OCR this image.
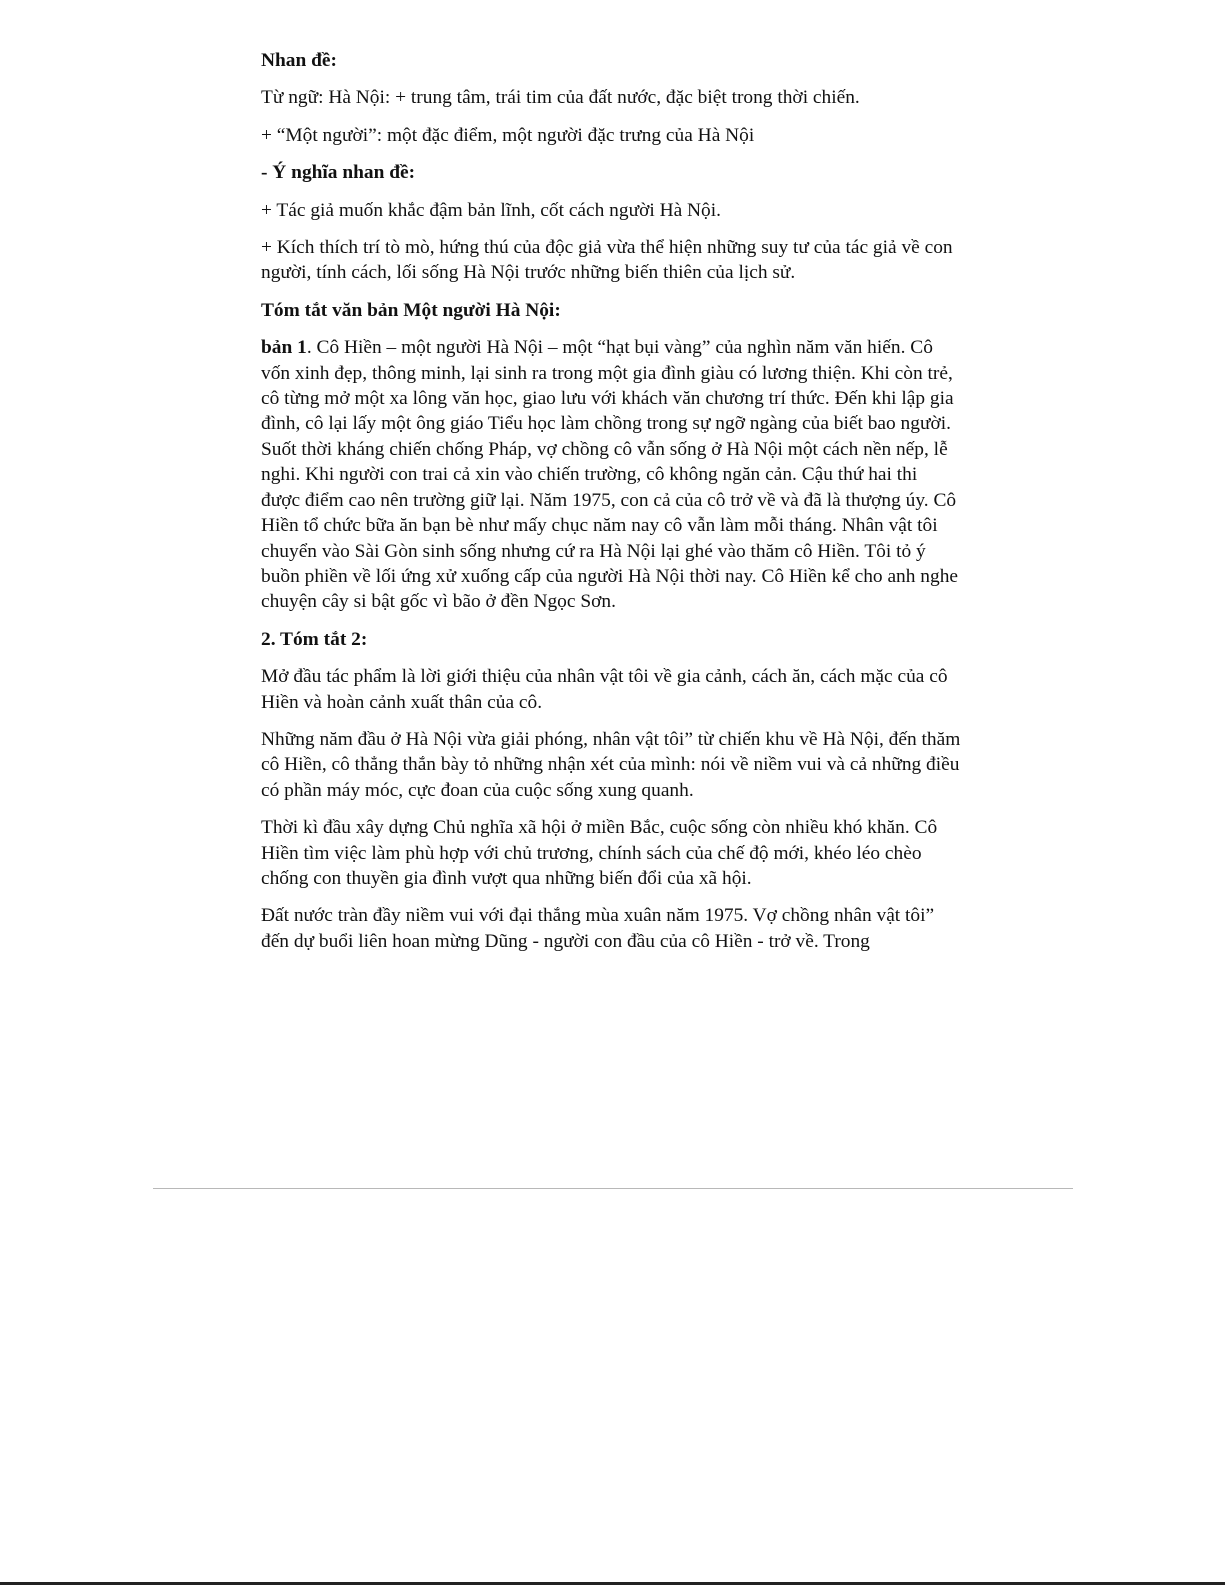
Nhan đề:

Từ ngữ: Hà Nội: + trung tâm, trái tim của đất nước, đặc biệt trong thời chiến.

+ “Một người”: một đặc điểm, một người đặc trưng của Hà Nội

- Ý nghĩa nhan đề:

+ Tác giả muốn khắc đậm bản lĩnh, cốt cách người Hà Nội.

+ Kích thích trí tò mò, hứng thú của độc giả vừa thể hiện những suy tư của tác giả về con người, tính cách, lối sống Hà Nội trước những biến thiên của lịch sử.

Tóm tắt văn bản Một người Hà Nội:

bản 1. Cô Hiền – một người Hà Nội – một “hạt bụi vàng” của nghìn năm văn hiến. Cô vốn xinh đẹp, thông minh, lại sinh ra trong một gia đình giàu có lương thiện. Khi còn trẻ, cô từng mở một xa lông văn học, giao lưu với khách văn chương trí thức. Đến khi lập gia đình, cô lại lấy một ông giáo Tiểu học làm chồng trong sự ngỡ ngàng của biết bao người. Suốt thời kháng chiến chống Pháp, vợ chồng cô vẫn sống ở Hà Nội một cách nền nếp, lễ nghi. Khi người con trai cả xin vào chiến trường, cô không ngăn cản. Cậu thứ hai thi được điểm cao nên trường giữ lại. Năm 1975, con cả của cô trở về và đã là thượng úy. Cô Hiền tổ chức bữa ăn bạn bè như mấy chục năm nay cô vẫn làm mỗi tháng. Nhân vật tôi chuyển vào Sài Gòn sinh sống nhưng cứ ra Hà Nội lại ghé vào thăm cô Hiền. Tôi tỏ ý buồn phiền về lối ứng xử xuống cấp của người Hà Nội thời nay. Cô Hiền kể cho anh nghe chuyện cây si bật gốc vì bão ở đền Ngọc Sơn.

2. Tóm tắt 2:

Mở đầu tác phẩm là lời giới thiệu của nhân vật tôi về gia cảnh, cách ăn, cách mặc của cô Hiền và hoàn cảnh xuất thân của cô.

Những năm đầu ở Hà Nội vừa giải phóng, nhân vật tôi” từ chiến khu về Hà Nội, đến thăm cô Hiền, cô thẳng thắn bày tỏ những nhận xét của mình: nói về niềm vui và cả những điều có phần máy móc, cực đoan của cuộc sống xung quanh.

Thời kì đầu xây dựng Chủ nghĩa xã hội ở miền Bắc, cuộc sống còn nhiều khó khăn. Cô Hiền tìm việc làm phù hợp với chủ trương, chính sách của chế độ mới, khéo léo chèo chống con thuyền gia đình vượt qua những biến đổi của xã hội.

Đất nước tràn đầy niềm vui với đại thắng mùa xuân năm 1975. Vợ chồng nhân vật tôi” đến dự buổi liên hoan mừng Dũng - người con đầu của cô Hiền - trở về. Trong
